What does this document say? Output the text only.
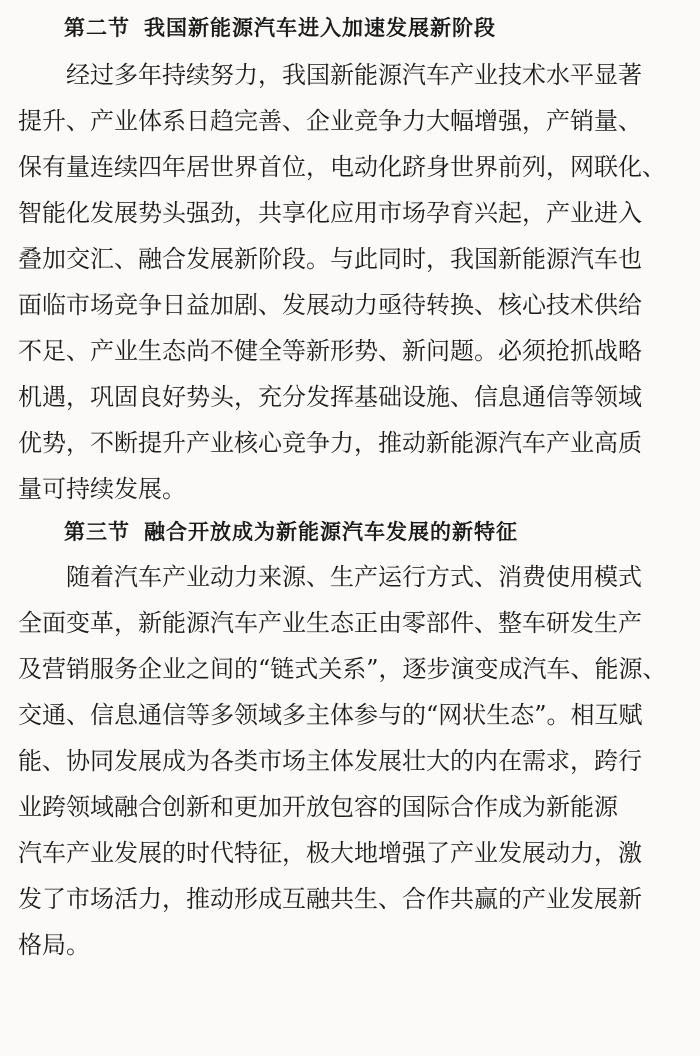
第二节 我国新能源汽车进入加速发展新阶段
经过多年持续努力，我国新能源汽车产业技术水平显著
提升、产业体系日趋完善、企业竞争力大幅增强，产销量、
保有量连续四年居世界首位，电动化跻身世界前列，网联化、
智能化发展势头强劲，共享化应用市场孕育兴起，产业进入
叠加交汇、融合发展新阶段。与此同时，我国新能源汽车也
面临市场竞争日益加剧、发展动力亟待转换、核心技术供给
不足、产业生态尚不健全等新形势、新问题。必须抢抓战略
机遇，巩固良好势头，充分发挥基础设施、信息通信等领域
优势，不断提升产业核心竞争力，推动新能源汽车产业高质
量可持续发展。
第三节 融合开放成为新能源汽车发展的新特征
随着汽车产业动力来源、生产运行方式、消费使用模式
全面变革，新能源汽车产业生态正由零部件、整车研发生产
及营销服务企业之间的“链式关系”，逐步演变成汽车、能源、
交通、信息通信等多领域多主体参与的“网状生态”。相互赋
能、协同发展成为各类市场主体发展壮大的内在需求，跨行
业跨领域融合创新和更加开放包容的国际合作成为新能源
汽车产业发展的时代特征，极大地增强了产业发展动力，激
发了市场活力，推动形成互融共生、合作共赢的产业发展新
格局。
